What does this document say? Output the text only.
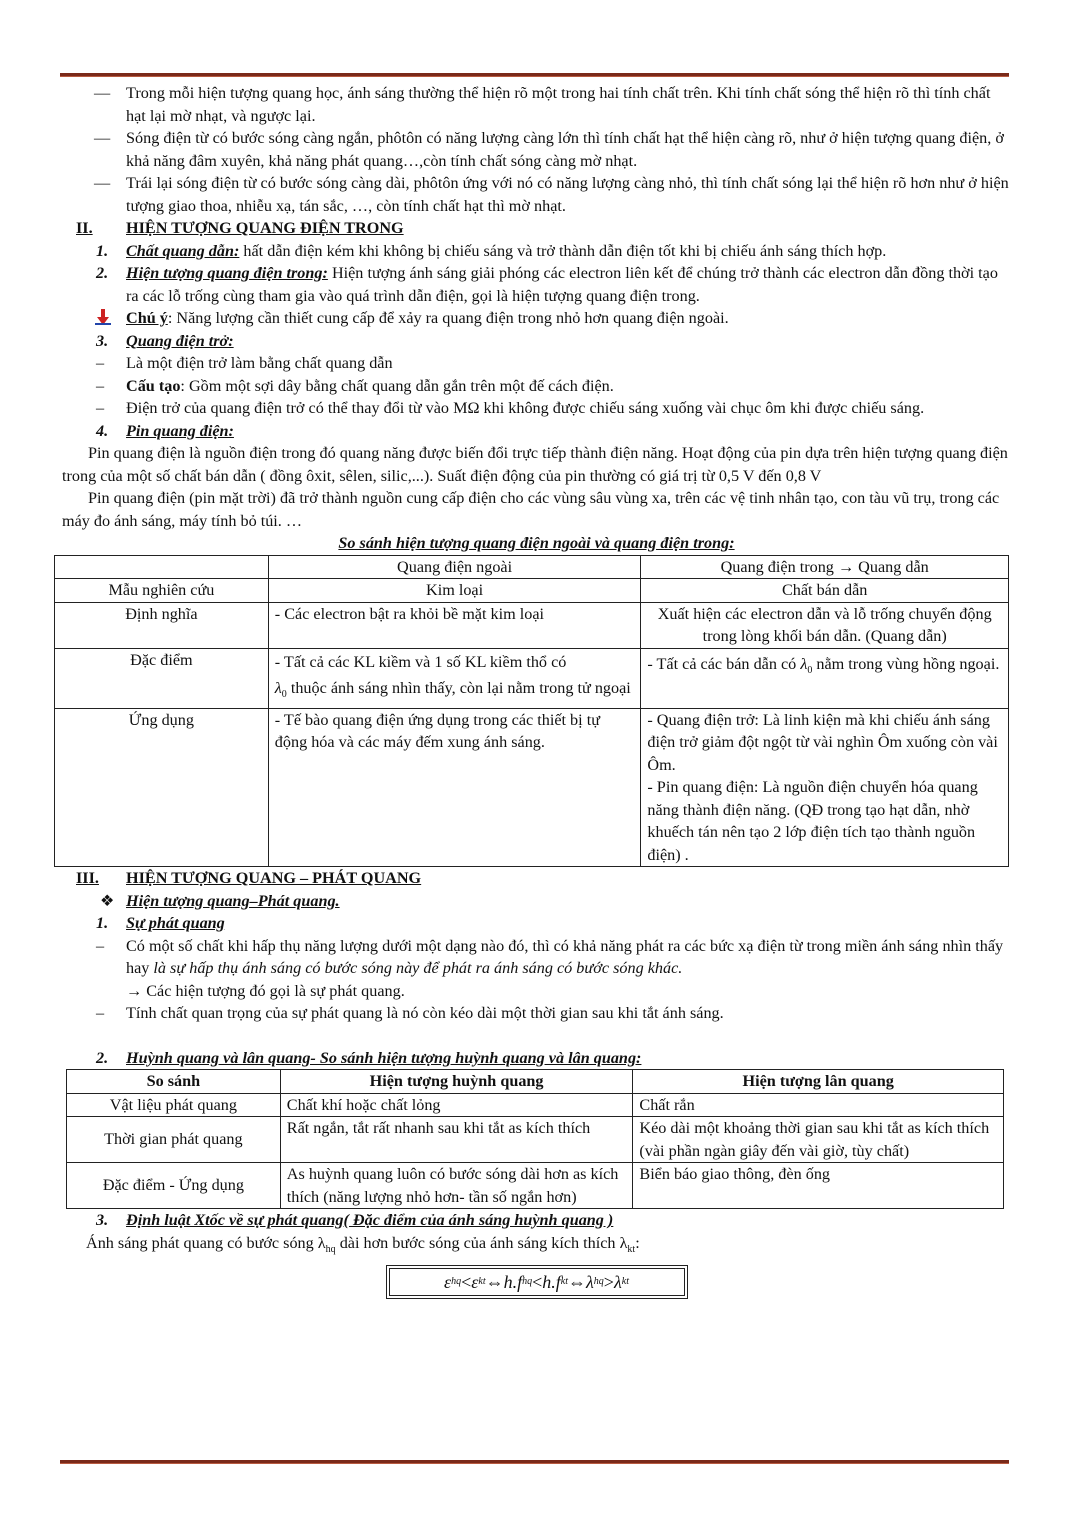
— Trong mỗi hiện tượng quang học, ánh sáng thường thể hiện rõ một trong hai tính chất trên. Khi tính chất sóng thể hiện rõ thì tính chất hạt lại mờ nhạt, và ngược lại.
— Sóng điện từ có bước sóng càng ngắn, phôtôn có năng lượng càng lớn thì tính chất hạt thể hiện càng rõ, như ở hiện tượng quang điện, ở khả năng đâm xuyên, khả năng phát quang…,còn tính chất sóng càng mờ nhạt.
— Trái lại sóng điện từ có bước sóng càng dài, phôtôn ứng với nó có năng lượng càng nhỏ, thì tính chất sóng lại thể hiện rõ hơn như ở hiện tượng giao thoa, nhiễu xạ, tán sắc, …, còn tính chất hạt thì mờ nhạt.
II.	HIỆN TƯỢNG QUANG ĐIỆN TRONG
1.	Chất quang dẫn: hất dẫn điện kém khi không bị chiếu sáng và trở thành dẫn điện tốt khi bị chiếu ánh sáng thích hợp.
2.	Hiện tượng quang điện trong: Hiện tượng ánh sáng giải phóng các electron liên kết để chúng trở thành các electron dẫn đồng thời tạo ra các lỗ trống cùng tham gia vào quá trình dẫn điện, gọi là hiện tượng quang điện trong.
Chú ý: Năng lượng cần thiết cung cấp để xảy ra quang điện trong nhỏ hơn quang điện ngoài.
3.	Quang điện trở:
–	Là một điện trở làm bằng chất quang dẫn
–	Cấu tạo: Gồm một sợi dây bằng chất quang dẫn gắn trên một đế cách điện.
–	Điện trở của quang điện trở có thể thay đổi từ vào MΩ khi không được chiếu sáng xuống vài chục ôm khi được chiếu sáng.
4.	Pin quang điện:

Pin quang điện là nguồn điện trong đó quang năng được biến đổi trực tiếp thành điện năng. Hoạt động của pin dựa trên hiện tượng quang điện trong của một số chất bán dẫn ( đồng ôxit, sêlen, silic,...). Suất điện động của pin thường có giá trị từ 0,5 V đến 0,8 V

Pin quang điện (pin mặt trời) đã trở thành nguồn cung cấp điện cho các vùng sâu vùng xa, trên các vệ tinh nhân tạo, con tàu vũ trụ, trong các máy đo ánh sáng, máy tính bỏ túi. …

So sánh hiện tượng quang điện ngoài và quang điện trong:
	Quang điện ngoài	Quang điện trong → Quang dẫn
Mẫu nghiên cứu	Kim loại	Chất bán dẫn
Định nghĩa	- Các electron bật ra khỏi bề mặt kim loại	Xuất hiện các electron dẫn và lỗ trống chuyển động trong lòng khối bán dẫn. (Quang dẫn)
Đặc điểm	- Tất cả các KL kiềm và 1 số KL kiềm thổ có
$\lambda_0$ thuộc ánh sáng nhìn thấy, còn lại nằm trong tử ngoại	- Tất cả các bán dẫn có $\lambda_0$ nằm trong vùng hồng ngoại.
Ứng dụng	- Tế bào quang điện ứng dụng trong các thiết bị tự động hóa và các máy đếm xung ánh sáng.	- Quang điện trở: Là linh kiện mà khi chiếu ánh sáng điện trở giảm đột ngột từ vài nghìn Ôm xuống còn vài Ôm.
- Pin quang điện: Là nguồn điện chuyển hóa quang năng thành điện năng. (QĐ trong tạo hạt dẫn, nhờ khuếch tán nên tạo 2 lớp điện tích tạo thành nguồn điện) .
III.	HIỆN TƯỢNG QUANG – PHÁT QUANG
❖ Hiện tượng quang–Phát quang.
1.	Sự phát quang
–	Có một số chất khi hấp thụ năng lượng dưới một dạng nào đó, thì có khả năng phát ra các bức xạ điện từ trong miền ánh sáng nhìn thấy hay là sự hấp thụ ánh sáng có bước sóng này để phát ra ánh sáng có bước sóng khác.
→ Các hiện tượng đó gọi là sự phát quang.
–	Tính chất quan trọng của sự phát quang là nó còn kéo dài một thời gian sau khi tắt ánh sáng.
2.	Huỳnh quang và lân quang- So sánh hiện tượng huỳnh quang và lân quang:
So sánh	Hiện tượng huỳnh quang	Hiện tượng lân quang
Vật liệu phát quang	Chất khí hoặc chất lỏng	Chất rắn
Thời gian phát quang	Rất ngắn, tắt rất nhanh sau khi tắt as kích thích	Kéo dài một khoảng thời gian sau khi tắt as kích thích (vài phần ngàn giây đến vài giờ, tùy chất)
Đặc điểm - Ứng dụng	As huỳnh quang luôn có bước sóng dài hơn as kích thích (năng lượng nhỏ hơn- tần số ngắn hơn)	Biển báo giao thông, đèn ống
3.	Định luật Xtốc về sự phát quang( Đặc điểm của ánh sáng huỳnh quang )

Ánh sáng phát quang có bước sóng $\lambda_{hq}$ dài hơn bước sóng của ánh sáng kích thích $\lambda_{kt}$:

ε hq < ε kt ⇔ h.f hq < h.f kt ⇔ λ hq > λ kt
